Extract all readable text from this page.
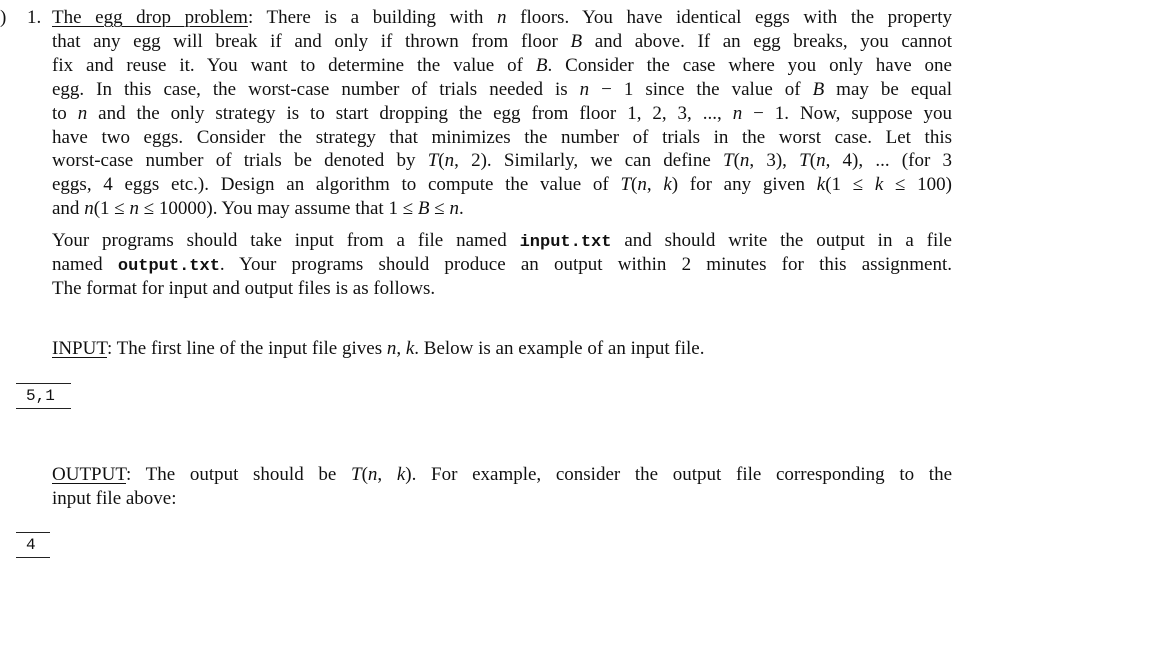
) 1. The egg drop problem: There is a building with n floors. You have identical eggs with the property
that any egg will break if and only if thrown from floor B and above. If an egg breaks, you cannot
fix and reuse it. You want to determine the value of B. Consider the case where you only have one
egg. In this case, the worst-case number of trials needed is n − 1 since the value of B may be equal
to n and the only strategy is to start dropping the egg from floor 1, 2, 3, ..., n − 1. Now, suppose you
have two eggs. Consider the strategy that minimizes the number of trials in the worst case. Let this
worst-case number of trials be denoted by T(n, 2). Similarly, we can define T(n, 3), T(n, 4), ... (for 3
eggs, 4 eggs etc.). Design an algorithm to compute the value of T(n, k) for any given k(1 ≤ k ≤ 100)
and n(1 ≤ n ≤ 10000). You may assume that 1 ≤ B ≤ n.
Your programs should take input from a file named input.txt and should write the output in a file
named output.txt. Your programs should produce an output within 2 minutes for this assignment.
The format for input and output files is as follows.
INPUT: The first line of the input file gives n, k. Below is an example of an input file.
5,1
OUTPUT: The output should be T(n, k). For example, consider the output file corresponding to the
input file above:
4
